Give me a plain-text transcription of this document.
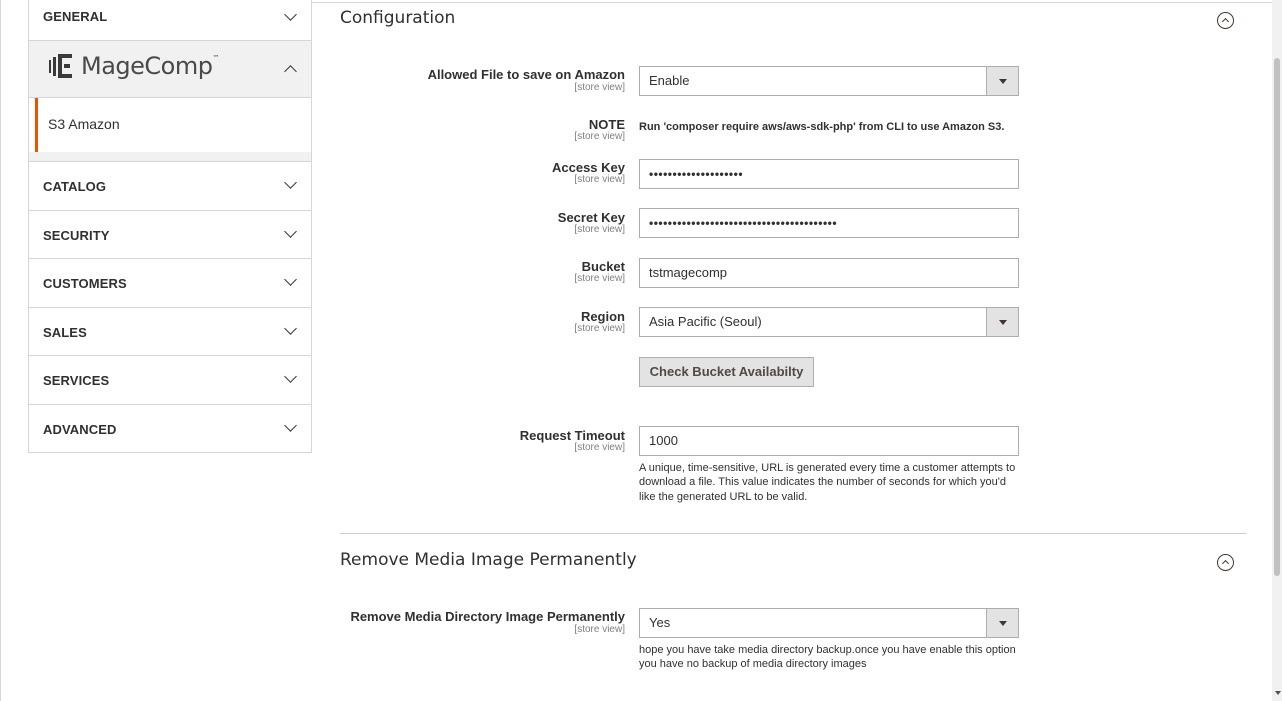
GENERAL
MageComp™
S3 Amazon
CATALOG
SECURITY
CUSTOMERS
SALES
SERVICES
ADVANCED
Configuration
Allowed File to save on Amazon
[store view]	Enable
NOTE
[store view]
Run 'composer require aws/aws-sdk-php' from CLI to use Amazon S3.
Access Key
[store view]	••••••••••••••••••••
Secret Key
[store view]	••••••••••••••••••••••••••••••••••••••••
Bucket
[store view]	tstmagecomp
Region
[store view]	Asia Pacific (Seoul)
Check Bucket Availabilty
Request Timeout
[store view]	1000
A unique, time-sensitive, URL is generated every time a customer attempts to download a file. This value indicates the number of seconds for which you'd like the generated URL to be valid.
Remove Media Image Permanently
Remove Media Directory Image Permanently
[store view]	Yes
hope you have take media directory backup.once you have enable this option you have no backup of media directory images
